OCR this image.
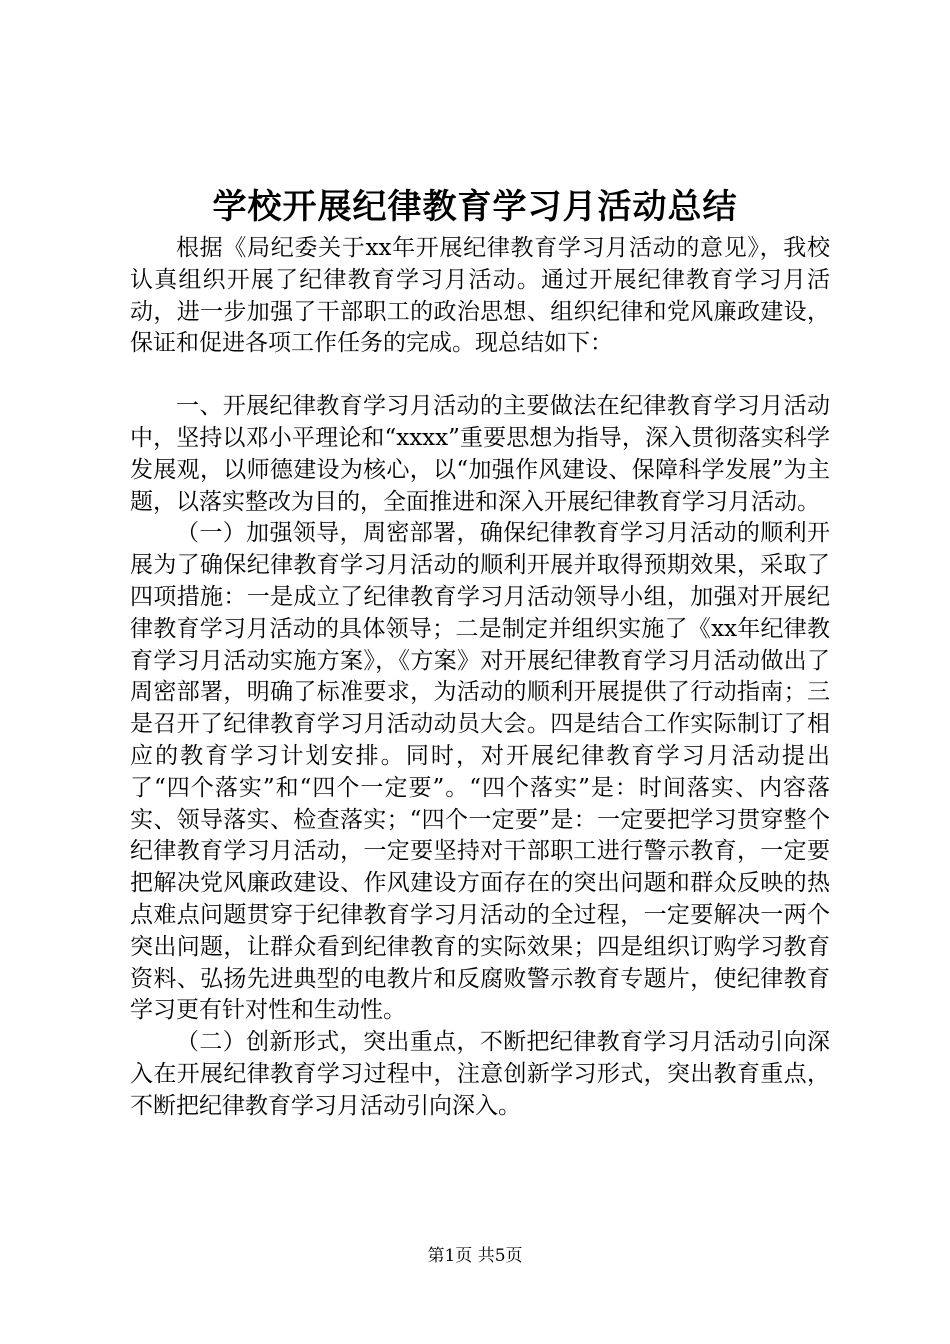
学校开展纪律教育学习月活动总结

根据《局纪委关于xx年开展纪律教育学习月活动的意见》，我校认真组织开展了纪律教育学习月活动。通过开展纪律教育学习月活动，进一步加强了干部职工的政治思想、组织纪律和党风廉政建设，保证和促进各项工作任务的完成。现总结如下：

一、开展纪律教育学习月活动的主要做法在纪律教育学习月活动中，坚持以邓小平理论和“xxxx”重要思想为指导，深入贯彻落实科学发展观，以师德建设为核心，以“加强作风建设、保障科学发展”为主题，以落实整改为目的，全面推进和深入开展纪律教育学习月活动。

（一）加强领导，周密部署，确保纪律教育学习月活动的顺利开展为了确保纪律教育学习月活动的顺利开展并取得预期效果，采取了四项措施：一是成立了纪律教育学习月活动领导小组，加强对开展纪律教育学习月活动的具体领导；二是制定并组织实施了《xx年纪律教育学习月活动实施方案》，《方案》对开展纪律教育学习月活动做出了周密部署，明确了标准要求，为活动的顺利开展提供了行动指南；三是召开了纪律教育学习月活动动员大会。四是结合工作实际制订了相应的教育学习计划安排。同时，对开展纪律教育学习月活动提出了“四个落实”和“四个一定要”。“四个落实”是：时间落实、内容落实、领导落实、检查落实；“四个一定要”是：一定要把学习贯穿整个纪律教育学习月活动，一定要坚持对干部职工进行警示教育，一定要把解决党风廉政建设、作风建设方面存在的突出问题和群众反映的热点难点问题贯穿于纪律教育学习月活动的全过程，一定要解决一两个突出问题，让群众看到纪律教育的实际效果；四是组织订购学习教育资料、弘扬先进典型的电教片和反腐败警示教育专题片，使纪律教育学习更有针对性和生动性。

（二）创新形式，突出重点，不断把纪律教育学习月活动引向深入在开展纪律教育学习过程中，注意创新学习形式，突出教育重点，不断把纪律教育学习月活动引向深入。

第1页 共5页
